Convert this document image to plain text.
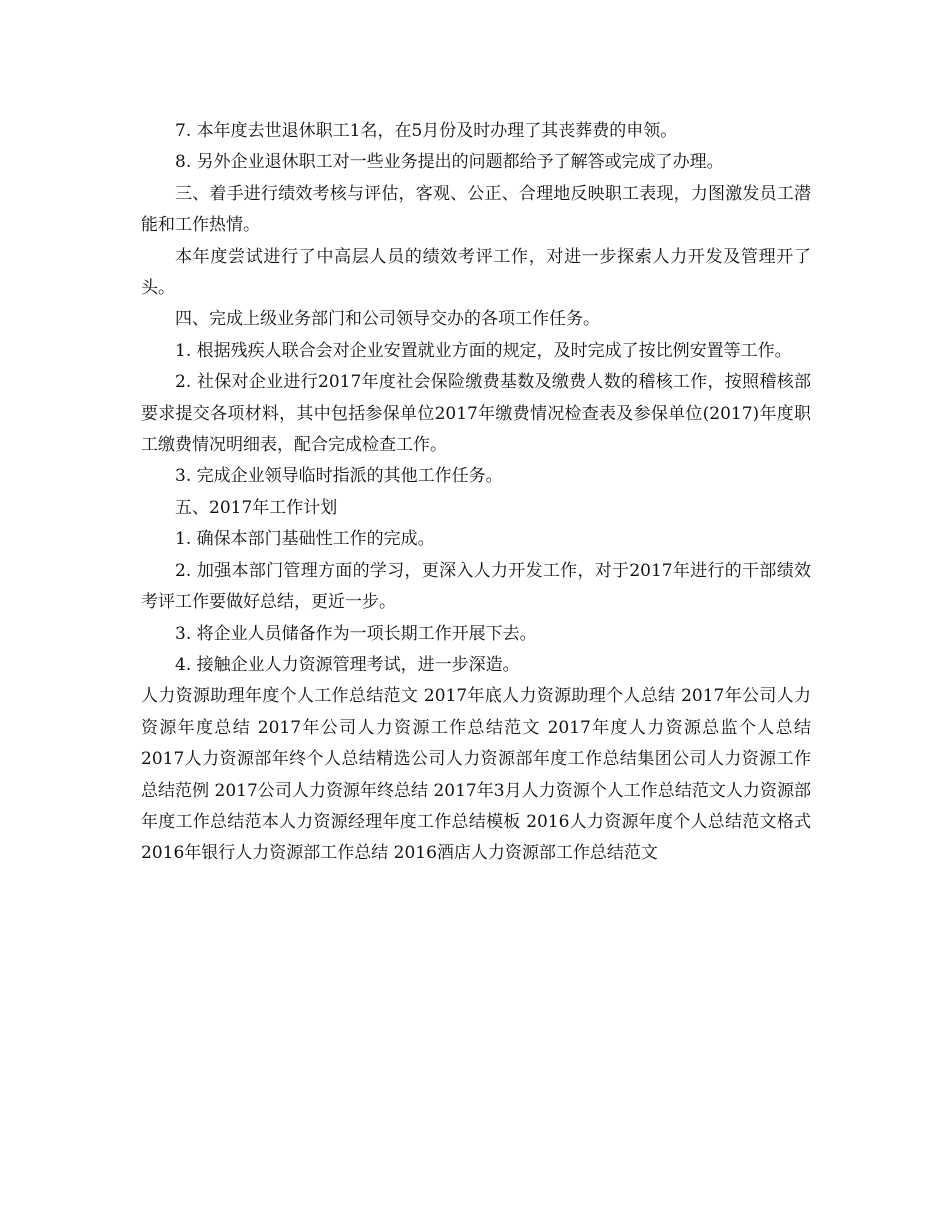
7. 本年度去世退休职工1名，在5月份及时办理了其丧葬费的申领。

8. 另外企业退休职工对一些业务提出的问题都给予了解答或完成了办理。

三、着手进行绩效考核与评估，客观、公正、合理地反映职工表现，力图激发员工潜能和工作热情。

本年度尝试进行了中高层人员的绩效考评工作，对进一步探索人力开发及管理开了头。

四、完成上级业务部门和公司领导交办的各项工作任务。

1. 根据残疾人联合会对企业安置就业方面的规定，及时完成了按比例安置等工作。

2. 社保对企业进行2017年度社会保险缴费基数及缴费人数的稽核工作，按照稽核部要求提交各项材料，其中包括参保单位2017年缴费情况检查表及参保单位(2017)年度职工缴费情况明细表，配合完成检查工作。

3. 完成企业领导临时指派的其他工作任务。

五、2017年工作计划

1. 确保本部门基础性工作的完成。

2. 加强本部门管理方面的学习，更深入人力开发工作，对于2017年进行的干部绩效考评工作要做好总结，更近一步。

3. 将企业人员储备作为一项长期工作开展下去。

4. 接触企业人力资源管理考试，进一步深造。

人力资源助理年度个人工作总结范文 2017年底人力资源助理个人总结 2017年公司人力资源年度总结 2017年公司人力资源工作总结范文 2017年度人力资源总监个人总结 2017人力资源部年终个人总结精选公司人力资源部年度工作总结集团公司人力资源工作总结范例 2017公司人力资源年终总结 2017年3月人力资源个人工作总结范文人力资源部年度工作总结范本人力资源经理年度工作总结模板 2016人力资源年度个人总结范文格式 2016年银行人力资源部工作总结 2016酒店人力资源部工作总结范文
